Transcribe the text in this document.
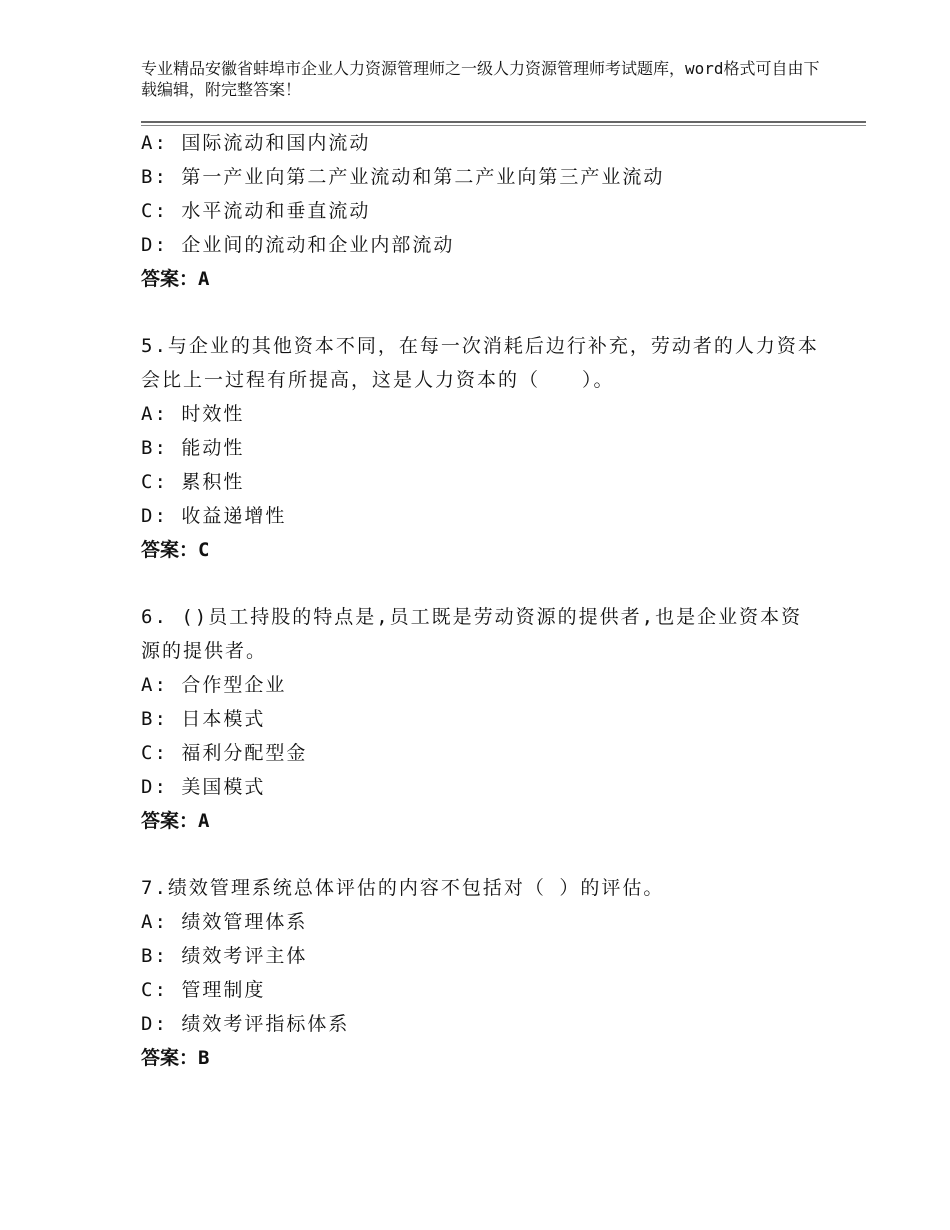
专业精品安徽省蚌埠市企业人力资源管理师之一级人力资源管理师考试题库，word格式可自由下载编辑，附完整答案！

A: 国际流动和国内流动

B: 第一产业向第二产业流动和第二产业向第三产业流动

C: 水平流动和垂直流动

D: 企业间的流动和企业内部流动

答案：A

5.与企业的其他资本不同，在每一次消耗后边行补充，劳动者的人力资本会比上一过程有所提高，这是人力资本的（　　）。

A: 时效性

B: 能动性

C: 累积性

D: 收益递增性

答案：C

6. ()员工持股的特点是,员工既是劳动资源的提供者,也是企业资本资源的提供者。

A: 合作型企业

B: 日本模式

C: 福利分配型金

D: 美国模式

答案：A

7.绩效管理系统总体评估的内容不包括对（ ）的评估。

A: 绩效管理体系

B: 绩效考评主体

C: 管理制度

D: 绩效考评指标体系

答案：B
